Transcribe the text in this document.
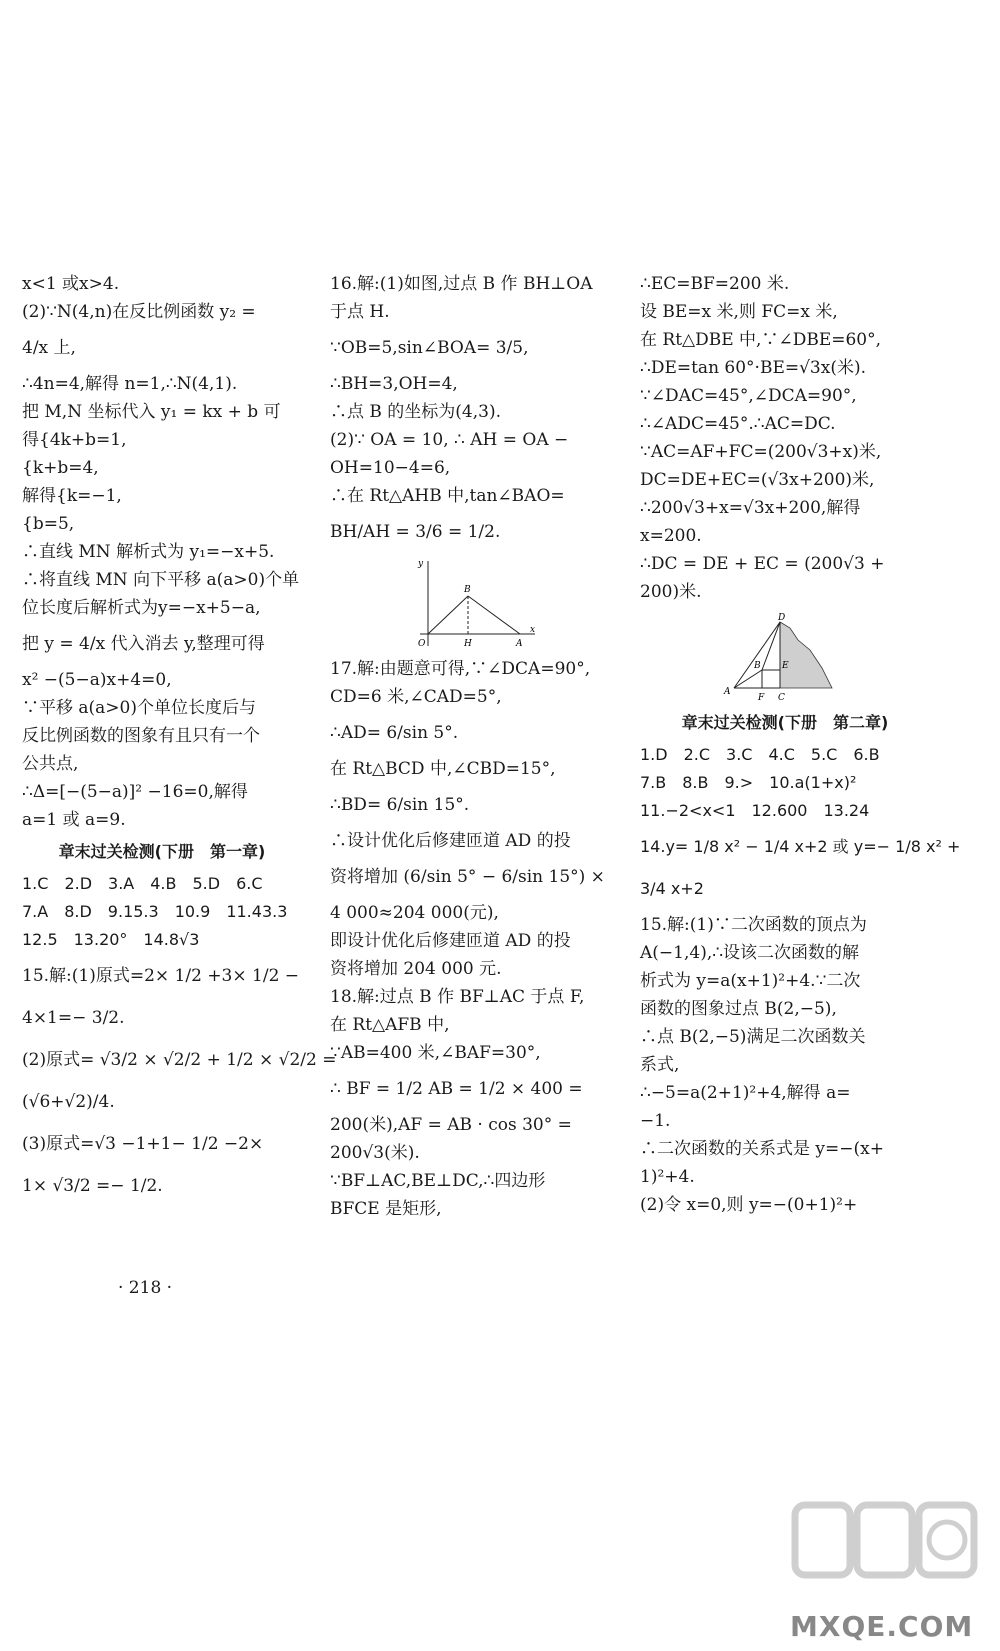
x<1 或x>4.
(2)∵N(4,n)在反比例函数 y₂ =
4/x 上,
∴4n=4,解得 n=1,∴N(4,1).
把 M,N 坐标代入 y₁ = kx + b 可
得{4k+b=1,
{k+b=4,
解得{k=−1,
{b=5,
∴直线 MN 解析式为 y₁=−x+5.
∴将直线 MN 向下平移 a(a>0)个单
位长度后解析式为y=−x+5−a,
把 y = 4/x 代入消去 y,整理可得
x² −(5−a)x+4=0,
∵平移 a(a>0)个单位长度后与
反比例函数的图象有且只有一个
公共点,
∴Δ=[−(5−a)]² −16=0,解得
a=1 或 a=9.
章末过关检测(下册　第一章)
1.C　2.D　3.A　4.B　5.D　6.C
7.A　8.D　9.15.3　10.9　11.43.3
12.5　13.20°　14.8√3
15.解:(1)原式=2× 1/2 +3× 1/2 −
4×1=− 3/2.
(2)原式= √3/2 × √2/2 + 1/2 × √2/2 =
(√6+√2)/4.
(3)原式=√3 −1+1− 1/2 −2×
1× √3/2 =− 1/2.
16.解:(1)如图,过点 B 作 BH⊥OA
于点 H.
∵OB=5,sin∠BOA= 3/5,
∴BH=3,OH=4,
∴点 B 的坐标为(4,3).
(2)∵ OA = 10, ∴ AH = OA −
OH=10−4=6,
∴在 Rt△AHB 中,tan∠BAO=
BH/AH = 3/6 = 1/2.
y
x
O	H	A
B
17.解:由题意可得,∵∠DCA=90°,
CD=6 米,∠CAD=5°,
∴AD= 6/sin 5°.
在 Rt△BCD 中,∠CBD=15°,
∴BD= 6/sin 15°.
∴设计优化后修建匝道 AD 的投
资将增加 (6/sin 5° − 6/sin 15°) ×
4 000≈204 000(元),
即设计优化后修建匝道 AD 的投
资将增加 204 000 元.
18.解:过点 B 作 BF⊥AC 于点 F,
在 Rt△AFB 中,
∵AB=400 米,∠BAF=30°,
∴ BF = 1/2 AB = 1/2 × 400 =
200(米),AF = AB · cos 30° =
200√3(米).
∵BF⊥AC,BE⊥DC,∴四边形
BFCE 是矩形,
∴EC=BF=200 米.
设 BE=x 米,则 FC=x 米,
在 Rt△DBE 中,∵∠DBE=60°,
∴DE=tan 60°·BE=√3x(米).
∵∠DAC=45°,∠DCA=90°,
∴∠ADC=45°.∴AC=DC.
∵AC=AF+FC=(200√3+x)米,
DC=DE+EC=(√3x+200)米,
∴200√3+x=√3x+200,解得
x=200.
∴DC = DE + EC = (200√3 +
200)米.
D
A
F C
B E
章末过关检测(下册　第二章)
1.D　2.C　3.C　4.C　5.C　6.B
7.B　8.B　9.>　10.a(1+x)²
11.−2<x<1　12.600　13.24
14.y= 1/8 x² − 1/4 x+2 或 y=− 1/8 x² +
3/4 x+2
15.解:(1)∵二次函数的顶点为
A(−1,4),∴设该二次函数的解
析式为 y=a(x+1)²+4.∵二次
函数的图象过点 B(2,−5),
∴点 B(2,−5)满足二次函数关
系式,
∴−5=a(2+1)²+4,解得 a=
−1.
∴二次函数的关系式是 y=−(x+
1)²+4.
(2)令 x=0,则 y=−(0+1)²+
· 218 ·
MXQE.COM
